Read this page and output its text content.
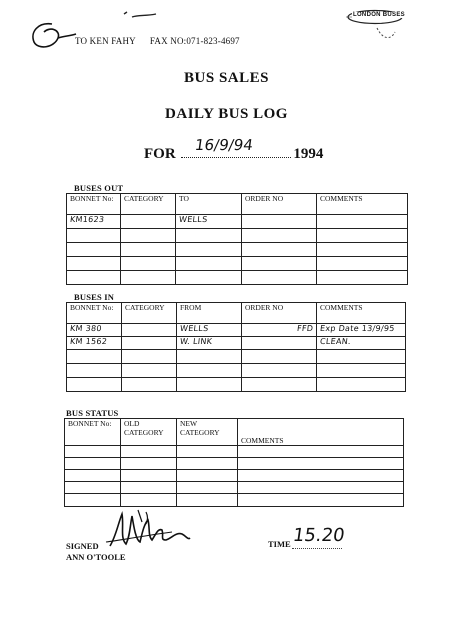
TO KEN FAHY FAX NO:071-823-4697
LONDON BUSES
BUS SALES
DAILY BUS LOG
FOR 16/9/94	1994
BUSES OUT
BONNET No:	CATEGORY	TO	ORDER NO	COMMENTS
KM1623		WELLS		

BUSES IN
BONNET No:	CATEGORY	FROM	ORDER NO	COMMENTS
KM 380		WELLS	FFD	Exp Date 13/9/95
KM 1562		W. LINK		CLEAN.

BUS STATUS
BONNET No:	OLD CATEGORY	NEW CATEGORY	COMMENTS

SIGNED
ANN O'TOOLE
TIME 15.20
